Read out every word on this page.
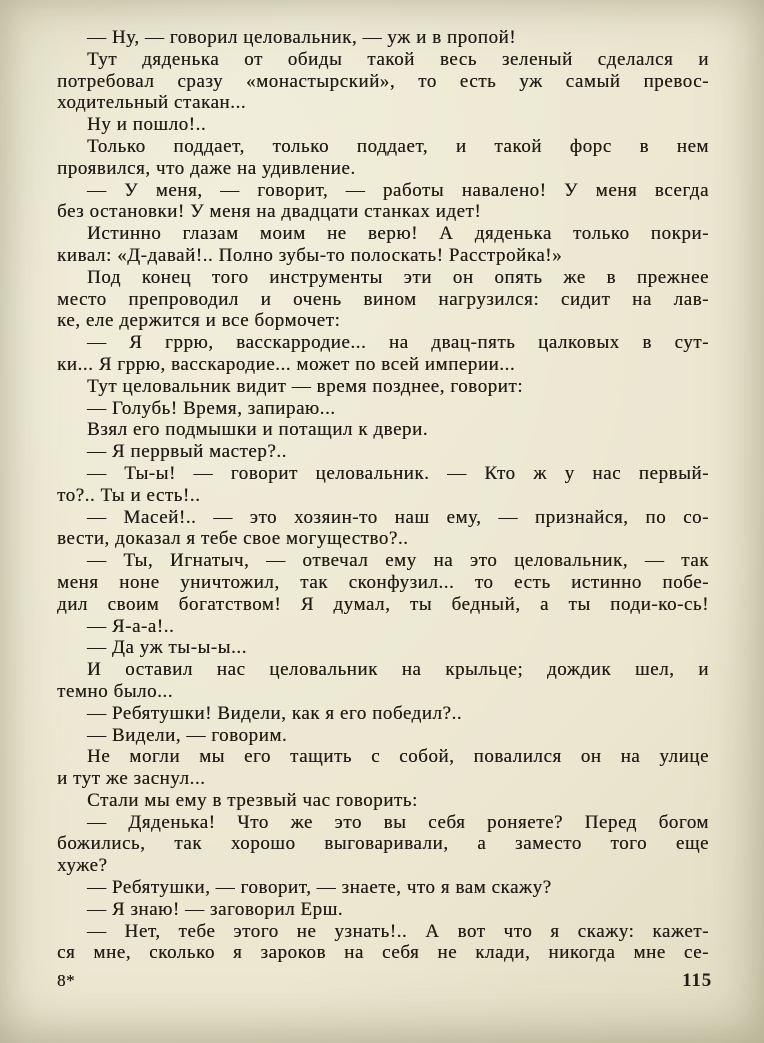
— Ну, — говорил целовальник, — уж и в пропой!
Тут дяденька от обиды такой весь зеленый сделался и
потребовал сразу «монастырский», то есть уж самый превос-
ходительный стакан...
Ну и пошло!..
Только поддает, только поддает, и такой форс в нем
проявился, что даже на удивление.
— У меня, — говорит, — работы навалено! У меня всегда
без остановки! У меня на двадцати станках идет!
Истинно глазам моим не верю! А дяденька только покри-
кивал: «Д-давай!.. Полно зубы-то полоскать! Расстройка!»
Под конец того инструменты эти он опять же в прежнее
место препроводил и очень вином нагрузился: сидит на лав-
ке, еле держится и все бормочет:
— Я гррю, васскарродие... на двац-пять цалковых в сут-
ки... Я гррю, васскародие... может по всей империи...
Тут целовальник видит — время позднее, говорит:
— Голубь! Время, запираю...
Взял его подмышки и потащил к двери.
— Я перрвый мастер?..
— Ты-ы! — говорит целовальник. — Кто ж у нас первый-
то?.. Ты и есть!..
— Масей!.. — это хозяин-то наш ему, — признайся, по со-
вести, доказал я тебе свое могущество?..
— Ты, Игнатыч, — отвечал ему на это целовальник, — так
меня ноне уничтожил, так сконфузил... то есть истинно побе-
дил своим богатством! Я думал, ты бедный, а ты поди-ко-сь!
— Я-а-а!..
— Да уж ты-ы-ы...
И оставил нас целовальник на крыльце; дождик шел, и
темно было...
— Ребятушки! Видели, как я его победил?..
— Видели, — говорим.
Не могли мы его тащить с собой, повалился он на улице
и тут же заснул...
Стали мы ему в трезвый час говорить:
— Дяденька! Что же это вы себя роняете? Перед богом
божились, так хорошо выговаривали, а заместо того еще
хуже?
— Ребятушки, — говорит, — знаете, что я вам скажу?
— Я знаю! — заговорил Ерш.
— Нет, тебе этого не узнать!.. А вот что я скажу: кажет-
ся мне, сколько я зароков на себя не клади, никогда мне се-
8*	115
